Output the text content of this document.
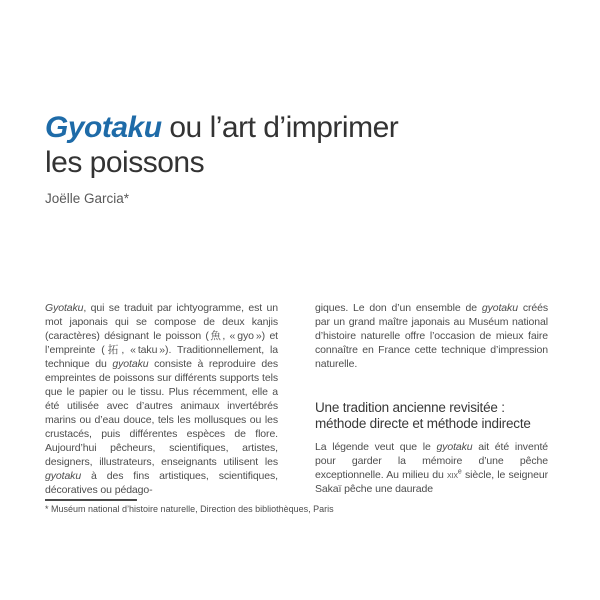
Gyotaku ou l’art d’imprimer
les poissons
Joëlle Garcia*

Gyotaku, qui se traduit par ichtyogramme, est un mot japonais qui se compose de deux kanjis (caractères) désignant le poisson (魚, « gyo ») et l’empreinte (拓, « taku »). Traditionnellement, la technique du gyotaku consiste à reproduire des empreintes de poissons sur différents supports tels que le papier ou le tissu. Plus récemment, elle a été utilisée avec d’autres animaux invertébrés marins ou d’eau douce, tels les mollusques ou les crustacés, puis différentes espèces de flore. Aujourd’hui pêcheurs, scientifiques, artistes, designers, illustrateurs, enseignants utilisent les gyotaku à des fins artistiques, scientifiques, décoratives ou pédago-

giques. Le don d’un ensemble de gyotaku créés par un grand maître japonais au Muséum national d’histoire naturelle offre l’occasion de mieux faire connaître en France cette technique d’impression naturelle.

Une tradition ancienne revisitée :
méthode directe et méthode indirecte

La légende veut que le gyotaku ait été inventé pour garder la mémoire d’une pêche exceptionnelle. Au milieu du xix$^e$ siècle, le seigneur Sakaï pêche une daurade

* Muséum national d’histoire naturelle, Direction des bibliothèques, Paris
